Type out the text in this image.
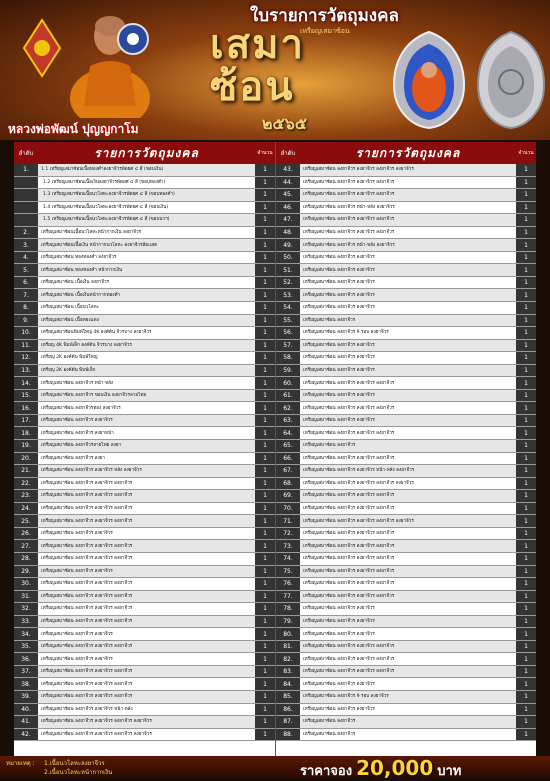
ใบรายการวัตถุมงคล
เหรียญเสมาซ้อน
เสมา
ซ้อน
๒๕๖๕
หลวงพ่อพัฒน์ ปุญญกาโม
ลำดับ	รายการวัตถุมงคล	จำนวน
1.	1.1 เหรียญเสมาซ้อนเนื้อทองคำลงยาจีวรพัดยศ ๔ สี (ขอบเงิน)	1
1.2 เหรียญเสมาซ้อนเนื้อเงินลงยาจีวรพัดยศ ๔ สี (ขอบทองคำ)	1
1.3 เหรียญเสมาซ้อนเนื้อนวโลหะลงยาจีวรพัดยศ ๔ สี (ขอบทองคำ)	1
1.4 เหรียญเสมาซ้อนเนื้อนวโลหะลงยาจีวรพัดยศ ๔ สี (ขอบเงิน)	1
1.5 เหรียญเสมาซ้อนเนื้อนวโลหะลงยาจีวรพัดยศ ๔ สี (ขอบนวฯ)	1
2.	เหรียญเสมาซ้อนเนื้อนวโลหะหน้ากากเงิน ลงยาจีวร	1
3.	เหรียญเสมาซ้อนเนื้อเงิน หน้ากากนวโลหะ ลงยาจีวรส้มแสด	1
4.	เหรียญเสมาซ้อน ทองทองคำ ลงยาจีวร	1
5.	เหรียญเสมาซ้อน ทองทองคำ หน้ากากเงิน	1
6.	เหรียญเสมาซ้อน เนื้อเงิน ลงยาจีวร	1
7.	เหรียญเสมาซ้อน เนื้อเงินหน้ากากทองคำ	1
8.	เหรียญเสมาซ้อน เนื้อนวโลหะ	1
9.	เหรียญเสมาซ้อน เนื้อทองแดง	1
10.	เหรียญเสมาซ้อนพิมพ์ใหญ่ 4K องค์ต้น จีวรบาง ลงยาจีวร	1
11.	เหรียญ 4K พิมพ์เล็ก องค์ต้น จีวรบาง ลงยาจีวร	1
12.	เหรียญ 2K องค์ต้น พิมพ์ใหญ่	1
13.	เหรียญ 2K องค์ต้น พิมพ์เล็ก	1
14.	เหรียญเสมาซ้อน ลงยาจีวร หน้า-หลัง	1
15.	เหรียญเสมาซ้อน ลงยาจีวร ขอบเงิน ลงยาจีวรลายไทย	1
16.	เหรียญเสมาซ้อน ลงยาจีวรทอง ลงยาจีวร	1
17.	เหรียญเสมาซ้อน ลงยาจีวร ลงยาจีวร	1
18.	เหรียญเสมาซ้อน ลงยาจีวร ลงยาหน้า	1
19.	เหรียญเสมาซ้อน ลงยาจีวรลายไทย ลงยา	1
20.	เหรียญเสมาซ้อน ลงยาจีวร ลงยา	1
21.	เหรียญเสมาซ้อน ลงยาจีวร ลงยาจีวร หลัง ลงยาจีวร	1
22.	เหรียญเสมาซ้อน ลงยาจีวร ลงยาจีวร ลงยาจีวร	1
23.	เหรียญเสมาซ้อน ลงยาจีวร ลงยาจีวร ลงยาจีวร	1
24.	เหรียญเสมาซ้อน ลงยาจีวร ลงยาจีวร ลงยาจีวร	1
25.	เหรียญเสมาซ้อน ลงยาจีวร ลงยาจีวร ลงยาจีวร	1
26.	เหรียญเสมาซ้อน ลงยาจีวร ลงยาจีวร	1
27.	เหรียญเสมาซ้อน ลงยาจีวร ลงยาจีวร ลงยาจีวร	1
28.	เหรียญเสมาซ้อน ลงยาจีวร ลงยาจีวร ลงยาจีวร	1
29.	เหรียญเสมาซ้อน ลงยาจีวร ลงยาจีวร	1
30.	เหรียญเสมาซ้อน ลงยาจีวร ลงยาจีวร ลงยาจีวร	1
31.	เหรียญเสมาซ้อน ลงยาจีวร ลงยาจีวร ลงยาจีวร	1
32.	เหรียญเสมาซ้อน ลงยาจีวร ลงยาจีวร ลงยาจีวร	1
33.	เหรียญเสมาซ้อน ลงยาจีวร ลงยาจีวร ลงยาจีวร	1
34.	เหรียญเสมาซ้อน ลงยาจีวร ลงยาจีวร	1
35.	เหรียญเสมาซ้อน ลงยาจีวร ลงยาจีวร ลงยาจีวร	1
36.	เหรียญเสมาซ้อน ลงยาจีวร ลงยาจีวร	1
37.	เหรียญเสมาซ้อน ลงยาจีวร ลงยาจีวร ลงยาจีวร	1
38.	เหรียญเสมาซ้อน ลงยาจีวร ลงยาจีวร ลงยาจีวร	1
39.	เหรียญเสมาซ้อน ลงยาจีวร ลงยาจีวร ลงยาจีวร	1
40.	เหรียญเสมาซ้อน ลงยาจีวร ลงยาจีวร หน้า-หลัง	1
41.	เหรียญเสมาซ้อน ลงยาจีวร ลงยาจีวร ลงยาจีวร ลงยาจีวร	1
42.	เหรียญเสมาซ้อน ลงยาจีวร ลงยาจีวร ลงยาจีวร ลงยาจีวร	1
ลำดับ	รายการวัตถุมงคล	จำนวน
43.	เหรียญเสมาซ้อน ลงยาจีวร ลงยาจีวร ลงยาจีวร ลงยาจีวร	1
44.	เหรียญเสมาซ้อน ลงยาจีวร ลงยาจีวร ลงยาจีวร	1
45.	เหรียญเสมาซ้อน ลงยาจีวร ลงยาจีวร ลงยาจีวร	1
46.	เหรียญเสมาซ้อน ลงยาจีวร หน้า-หลัง ลงยาจีวร	1
47.	เหรียญเสมาซ้อน ลงยาจีวร ลงยาจีวร ลงยาจีวร	1
48.	เหรียญเสมาซ้อน ลงยาจีวร ลงยาจีวร ลงยาจีวร	1
49.	เหรียญเสมาซ้อน ลงยาจีวร หน้า-หลัง ลงยาจีวร	1
50.	เหรียญเสมาซ้อน ลงยาจีวร ลงยาจีวร	1
51.	เหรียญเสมาซ้อน ลงยาจีวร ลงยาจีวร	1
52.	เหรียญเสมาซ้อน ลงยาจีวร ลงยาจีวร	1
53.	เหรียญเสมาซ้อน ลงยาจีวร ลงยาจีวร	1
54.	เหรียญเสมาซ้อน ลงยาจีวร ลงยาจีวร	1
55.	เหรียญเสมาซ้อน ลงยาจีวร	1
56.	เหรียญเสมาซ้อน ลงยาจีวร 9 รอบ ลงยาจีวร	1
57.	เหรียญเสมาซ้อน ลงยาจีวร ลงยาจีวร	1
58.	เหรียญเสมาซ้อน ลงยาจีวร ลงยาจีวร	1
59.	เหรียญเสมาซ้อน ลงยาจีวร ลงยาจีวร	1
60.	เหรียญเสมาซ้อน ลงยาจีวร ลงยาจีวร ลงยาจีวร	1
61.	เหรียญเสมาซ้อน ลงยาจีวร ลงยาจีวร	1
62.	เหรียญเสมาซ้อน ลงยาจีวร ลงยาจีวร ลงยาจีวร	1
63.	เหรียญเสมาซ้อน ลงยาจีวร ลงยาจีวร	1
64.	เหรียญเสมาซ้อน ลงยาจีวร ลงยาจีวร ลงยาจีวร	1
65.	เหรียญเสมาซ้อน ลงยาจีวร	1
66.	เหรียญเสมาซ้อน ลงยาจีวร ลงยาจีวร ลงยาจีวร	1
67.	เหรียญเสมาซ้อน ลงยาจีวร ลงยาจีวร หน้า-หลัง ลงยาจีวร	1
68.	เหรียญเสมาซ้อน ลงยาจีวร ลงยาจีวร ลงยาจีวร ลงยาจีวร	1
69.	เหรียญเสมาซ้อน ลงยาจีวร ลงยาจีวร ลงยาจีวร	1
70.	เหรียญเสมาซ้อน ลงยาจีวร ลงยาจีวร ลงยาจีวร	1
71.	เหรียญเสมาซ้อน ลงยาจีวร ลงยาจีวร ลงยาจีวร ลงยาจีวร	1
72.	เหรียญเสมาซ้อน ลงยาจีวร ลงยาจีวร ลงยาจีวร	1
73.	เหรียญเสมาซ้อน ลงยาจีวร ลงยาจีวร ลงยาจีวร	1
74.	เหรียญเสมาซ้อน ลงยาจีวร ลงยาจีวร ลงยาจีวร	1
75.	เหรียญเสมาซ้อน ลงยาจีวร ลงยาจีวร ลงยาจีวร	1
76.	เหรียญเสมาซ้อน ลงยาจีวร ลงยาจีวร ลงยาจีวร	1
77.	เหรียญเสมาซ้อน ลงยาจีวร ลงยาจีวร ลงยาจีวร	1
78.	เหรียญเสมาซ้อน ลงยาจีวร ลงยาจีวร	1
79.	เหรียญเสมาซ้อน ลงยาจีวร ลงยาจีวร	1
80.	เหรียญเสมาซ้อน ลงยาจีวร ลงยาจีวร	1
81.	เหรียญเสมาซ้อน ลงยาจีวร ลงยาจีวร ลงยาจีวร	1
82.	เหรียญเสมาซ้อน ลงยาจีวร ลงยาจีวร ลงยาจีวร	1
83.	เหรียญเสมาซ้อน ลงยาจีวร ลงยาจีวร ลงยาจีวร	1
84.	เหรียญเสมาซ้อน ลงยาจีวร ลงยาจีวร	1
85.	เหรียญเสมาซ้อน ลงยาจีวร 9 รอบ ลงยาจีวร	1
86.	เหรียญเสมาซ้อน ลงยาจีวร ลงยาจีวร	1
87.	เหรียญเสมาซ้อน ลงยาจีวร	1
88.	เหรียญเสมาซ้อน ลงยาจีวร	1
หมายเหตุ : 1.เนื้อนวโลหะลงยาจีวร
2.เนื้อนวโลหะหน้ากากเงิน	ราคาจอง 20,000 บาท
